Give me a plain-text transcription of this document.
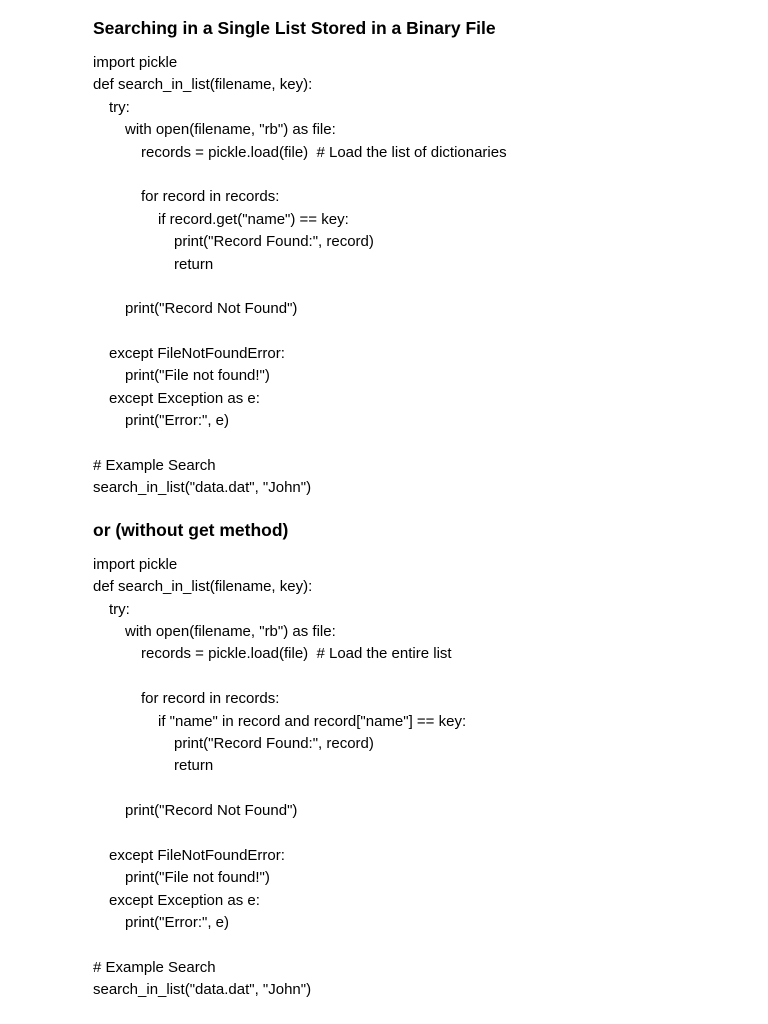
Searching in a Single List Stored in a Binary File
import pickle
def search_in_list(filename, key):
try:
with open(filename, "rb") as file:
records = pickle.load(file)  # Load the list of dictionaries
for record in records:
if record.get("name") == key:
print("Record Found:", record)
return
print("Record Not Found")
except FileNotFoundError:
print("File not found!")
except Exception as e:
print("Error:", e)
# Example Search
search_in_list("data.dat", "John")
or (without get method)
import pickle
def search_in_list(filename, key):
try:
with open(filename, "rb") as file:
records = pickle.load(file)  # Load the entire list
for record in records:
if "name" in record and record["name"] == key:
print("Record Found:", record)
return
print("Record Not Found")
except FileNotFoundError:
print("File not found!")
except Exception as e:
print("Error:", e)
# Example Search
search_in_list("data.dat", "John")
